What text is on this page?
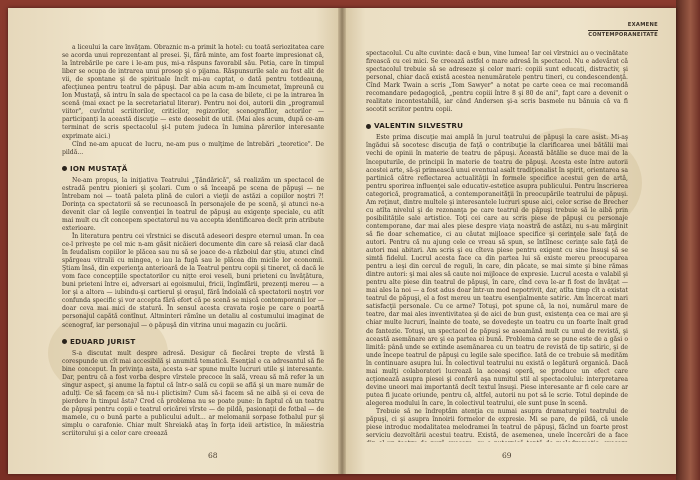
a liceului la care învăţam. Obraznic m-a primit la hotel: cu toată seriozitatea care se acorda unui reprezentant al presei. Şi, fără minte, am fost foarte impresionat că, la întrebările pe care i le-am pus, mi-a răspuns favorabil său. Petia, care în timpul liber se ocupa de intrarea unui prosop şi o pijama. Răspunsurile sale au fost alit de vii, de spontane şi de spirituale încît mi-au captat, o dată pentru totdeauna, afecţiunea pentru teatrul de păpuşi. Dar abia acum m-am încumetat, împreună cu Ion Mustaţă, să intru în sala de spectacol ca pe la casa de bilete, ci pe la intrarea în scenă (mai exact pe la secretariatul literar). Pentru noi doi, autorii din „programul viitor", cuvîntul scriitorilor, criticilor, regizorilor, scenografilor, actorilor — participanţi la această discuţie — este deosebit de util. (Mai ales acum, după ce-am terminat de scris spectacolul şi-l putem judeca în lumina părerilor interesante exprimate aici.)

Cînd ne-am apucat de lucru, ne-am pus o mulţime de întrebări „teoretice". De pildă...

ION MUSTAŢĂ

Ne-am propus, la iniţiativa Teatrului „Ţăndărică", să realizăm un spectacol de estradă pentru pionieri şi şcolari. Cum o să înceapă pe scena de păpuşi — ne întrebam noi — toată paleta plină de culori a vieţii de astăzi a copiilor noştri ?! Dorinţa ca spectatorii să se recunoască în personajele de pe scenă, şi atunci ne-a devenit clar că legile convenţiei în teatrul de păpuşi au exigenţe speciale, cu atît mai mult cu cît concepem spectatorul nu va accepta identificarea decît prin atribute exterioare.

În literatura pentru cei vîrstnici se discută adeseori despre eternul uman. În cea ce-l priveşte pe cel mic n-am găsit nicăieri documente din care să reiasă clar dacă în feudalism copiilor le plăcea sau nu să se joace de-a războiul dar ştiu, atunci cînd spărgeau vitralii cu mingea, o iau la fugă sau le plăcea din micile lor economii. Ştiam însă, din experienţa anterioară de la Teatrul pentru copii şi tineret, că dacă le vom face concepţiile spectatorilor cu niţte eroi veseli, buni prieteni cu învăţătura, buni prieteni între ei, adversari ai egoismului, fricii, îngîmfării, prezenţi mereu — a lor şi a altora — iubindu-şi cartierul şi oraşul, fără îndoială că spectatorii noştri vor confunda specific şi vor accepta fără efort că pe scenă se mişcă contemporanii lor — doar ceva mai mici de statură. În sensul acesta cravata roşie pe care o poartă personajul capătă contînut. Altminteri rămîne un detaliu al costumului imaginat de scenograf, iar personajul — o păpuşă din vitrina unui magazin cu jucării.

EDUARD JURIST

S-a discutat mult despre adresă. Desigur că fiecărei trepte de vîrstă îi corespunde un cît mai accesibilă şi anumită tematică. Esenţial e ca adresantul să fie bine conceput. În privinţa asta, acesta s-ar spune multe lucruri utile şi interesante. Dar, pentru că a fost vorba despre vîrstele precoce în sală, vreau să mă refer la un singur aspect, şi anume la faptul că într-o sală cu copii se află şi un mare număr de adulţi. Ce să facem ca să nu-i plictisim? Cum să-i facem să ne aibă și ei ceva de pierdere în timpul ăsta? Cred cǎ problema nu se poate pune: în faptul cǎ un teatru de pǎpuşi pentru copii e teatrul oricǎrei vîrste — de pildǎ, pasionaţii de fotbal — de mamele, cu o bunǎ parte a publicului adult... ar melomanii sorpase fotbalul pur şi simplu o carafonie. Chiar mult Shreiakǎ ataş în forţa ideii artistice, în măiestria scriitorului şi a celor care creează

68
EXAMENE
CONTEMPORANEITATE

spectacolul. Cu alte cuvinte: dacă e bun, vine lumea! Iar cei vîrstnici au o vecinătate firească cu cei mici. Se creează astfel o mare adresă în spectacol. Nu e adevărat că spectacolul trebuie sǎ se adreseze şi celor mari: copiii sunt educați, distractiv, şi personal, chiar dacă există acestea nenumăratele pentru tineri, cu condescendenţă. Cînd Mark Twain a scris „Tom Sawyer" a notat pe carte ceea ce mai recomandă recomandare pedagogică, „pentru copiii între 8 şi 80 de ani", fapt care a devenit o realitate incontestabilă, iar când Andersen şi-a scris basmele nu bănuia că va fi socotit scriitor pentru copii.

VALENTIN SILVESTRU

Este prima discuţie mai amplă în jurul teatrului de păpuşi la care asist. Mi-aş îngădui să socotesc discuţia de faţă o contribuţie la clarificarea unei bătălii mai vechi de opinii în materie de teatru de păpuşi. Această bătălie se duce mai de la începuturile, de principii în materie de teatru de păpuşi. Acesta este între autorii acestei arte, să-şi primească unui eventual asalt tradiţionalist în spirit, orientarea sa partinică către reflectarea actualităţii în formele specifice acestui gen de artă, pentru sporirea influenţei sale educativ-estetice asupra publicului. Pentru înscrierea categorică, programatică, a contemporaneităţii în preocupările teatrului de păpuşi. Am reţinut, dintre multele şi interesantele lucruri spuse aici, celor scrise de Brecher cu atîta nivelul şi de rezonanţa pe care teatrul de păpuşi trebuie să le aibă prin posibilitățile sale artistice. Toţi cei care au scris piese de păpuşi cu personaje contemporane, dar mai ales piese despre viaţa noastră de astăzi, nu s-au mărginit să fie doar schematice, ci au căutat mijloace specifice şi cerinţele sale faţă de autori. Pentru că nu ajung cele ce vreau să spun, se întîlnesc cerinţe sale faţă de autori mai abitari. Am scris şi eu cîteva piese pentru exigent cu sine însuşi să se simtă fidelul. Lucrul acesta face ca din partea lui să existe mereu preocuparea pentru a ieşi din cercul de reguli, în care, din păcate, se mai simte şi bine rămas dintre autori: şi mai ales să caute noi mijloace de expresie. Lucrul acesta e valabil şi pentru alte piese din teatrul de păpuşi, în care, cînd ceva le-ar fi fost de învăţat — mai ales la noi — a fost adus doar într-un mod nepotrivit, dar, atîta timp cît a existat teatrul de păpuşi, el a fost mereu un teatru esenţialmente satiric. Am încercat mari satisfacţii personale. Cu ce arme? Totuşi, pot spune că, la noi, numărul mare de teatre, dar mai ales inventivitatea şi de aici de bun gust, existenţa cea ce mai are şi chiar multe lucruri, înainte de toate, se dovedeşte un teatru cu un foarte înalt grad de fantezie. Totuşi, un spectacol de păpuşi se aseamănă mult cu unul de revistă, şi această asemănare are şi ea partea ei bună. Problema care se pune este de a găsi o limită: până unde se extinde asemănarea cu un teatru de revistă de tip satiric, şi de unde începe teatrul de păpuşi cu legile sale specifice. Iată de ce trebuie să medităm în continuare asupra lui. În colectivul teatrului nu există o legătură organică. Dacă mai mulţi colaboratori lucrează la aceeaşi operă, se produce un efect care acţionează asupra piesei şi conferă aşa numitul stil al spectacolului: interpretarea devine uneori mai importantă decît textul însuşi. Piese interesante ar fi cele care ar putea fi jucate oriunde, pentru că, altfel, autorii nu pot să le scrie. Totul depinde de alegerea modului în care, în colectivul teatrului, ele sunt puse în scenă.

Trebuie să ne îndreptăm atenţia cu numai asupra dramaturgiei teatrului de păpuşi, ci şi asupra înnoirii formelor de expresie. Mi se pare, de pildă, că unele piese introduc modalitatea melodramei în teatrul de păpuşi, făcînd un foarte prost serviciu dezvoltării acestui teatru. Există, de asemenea, unele încercări de a face

69
